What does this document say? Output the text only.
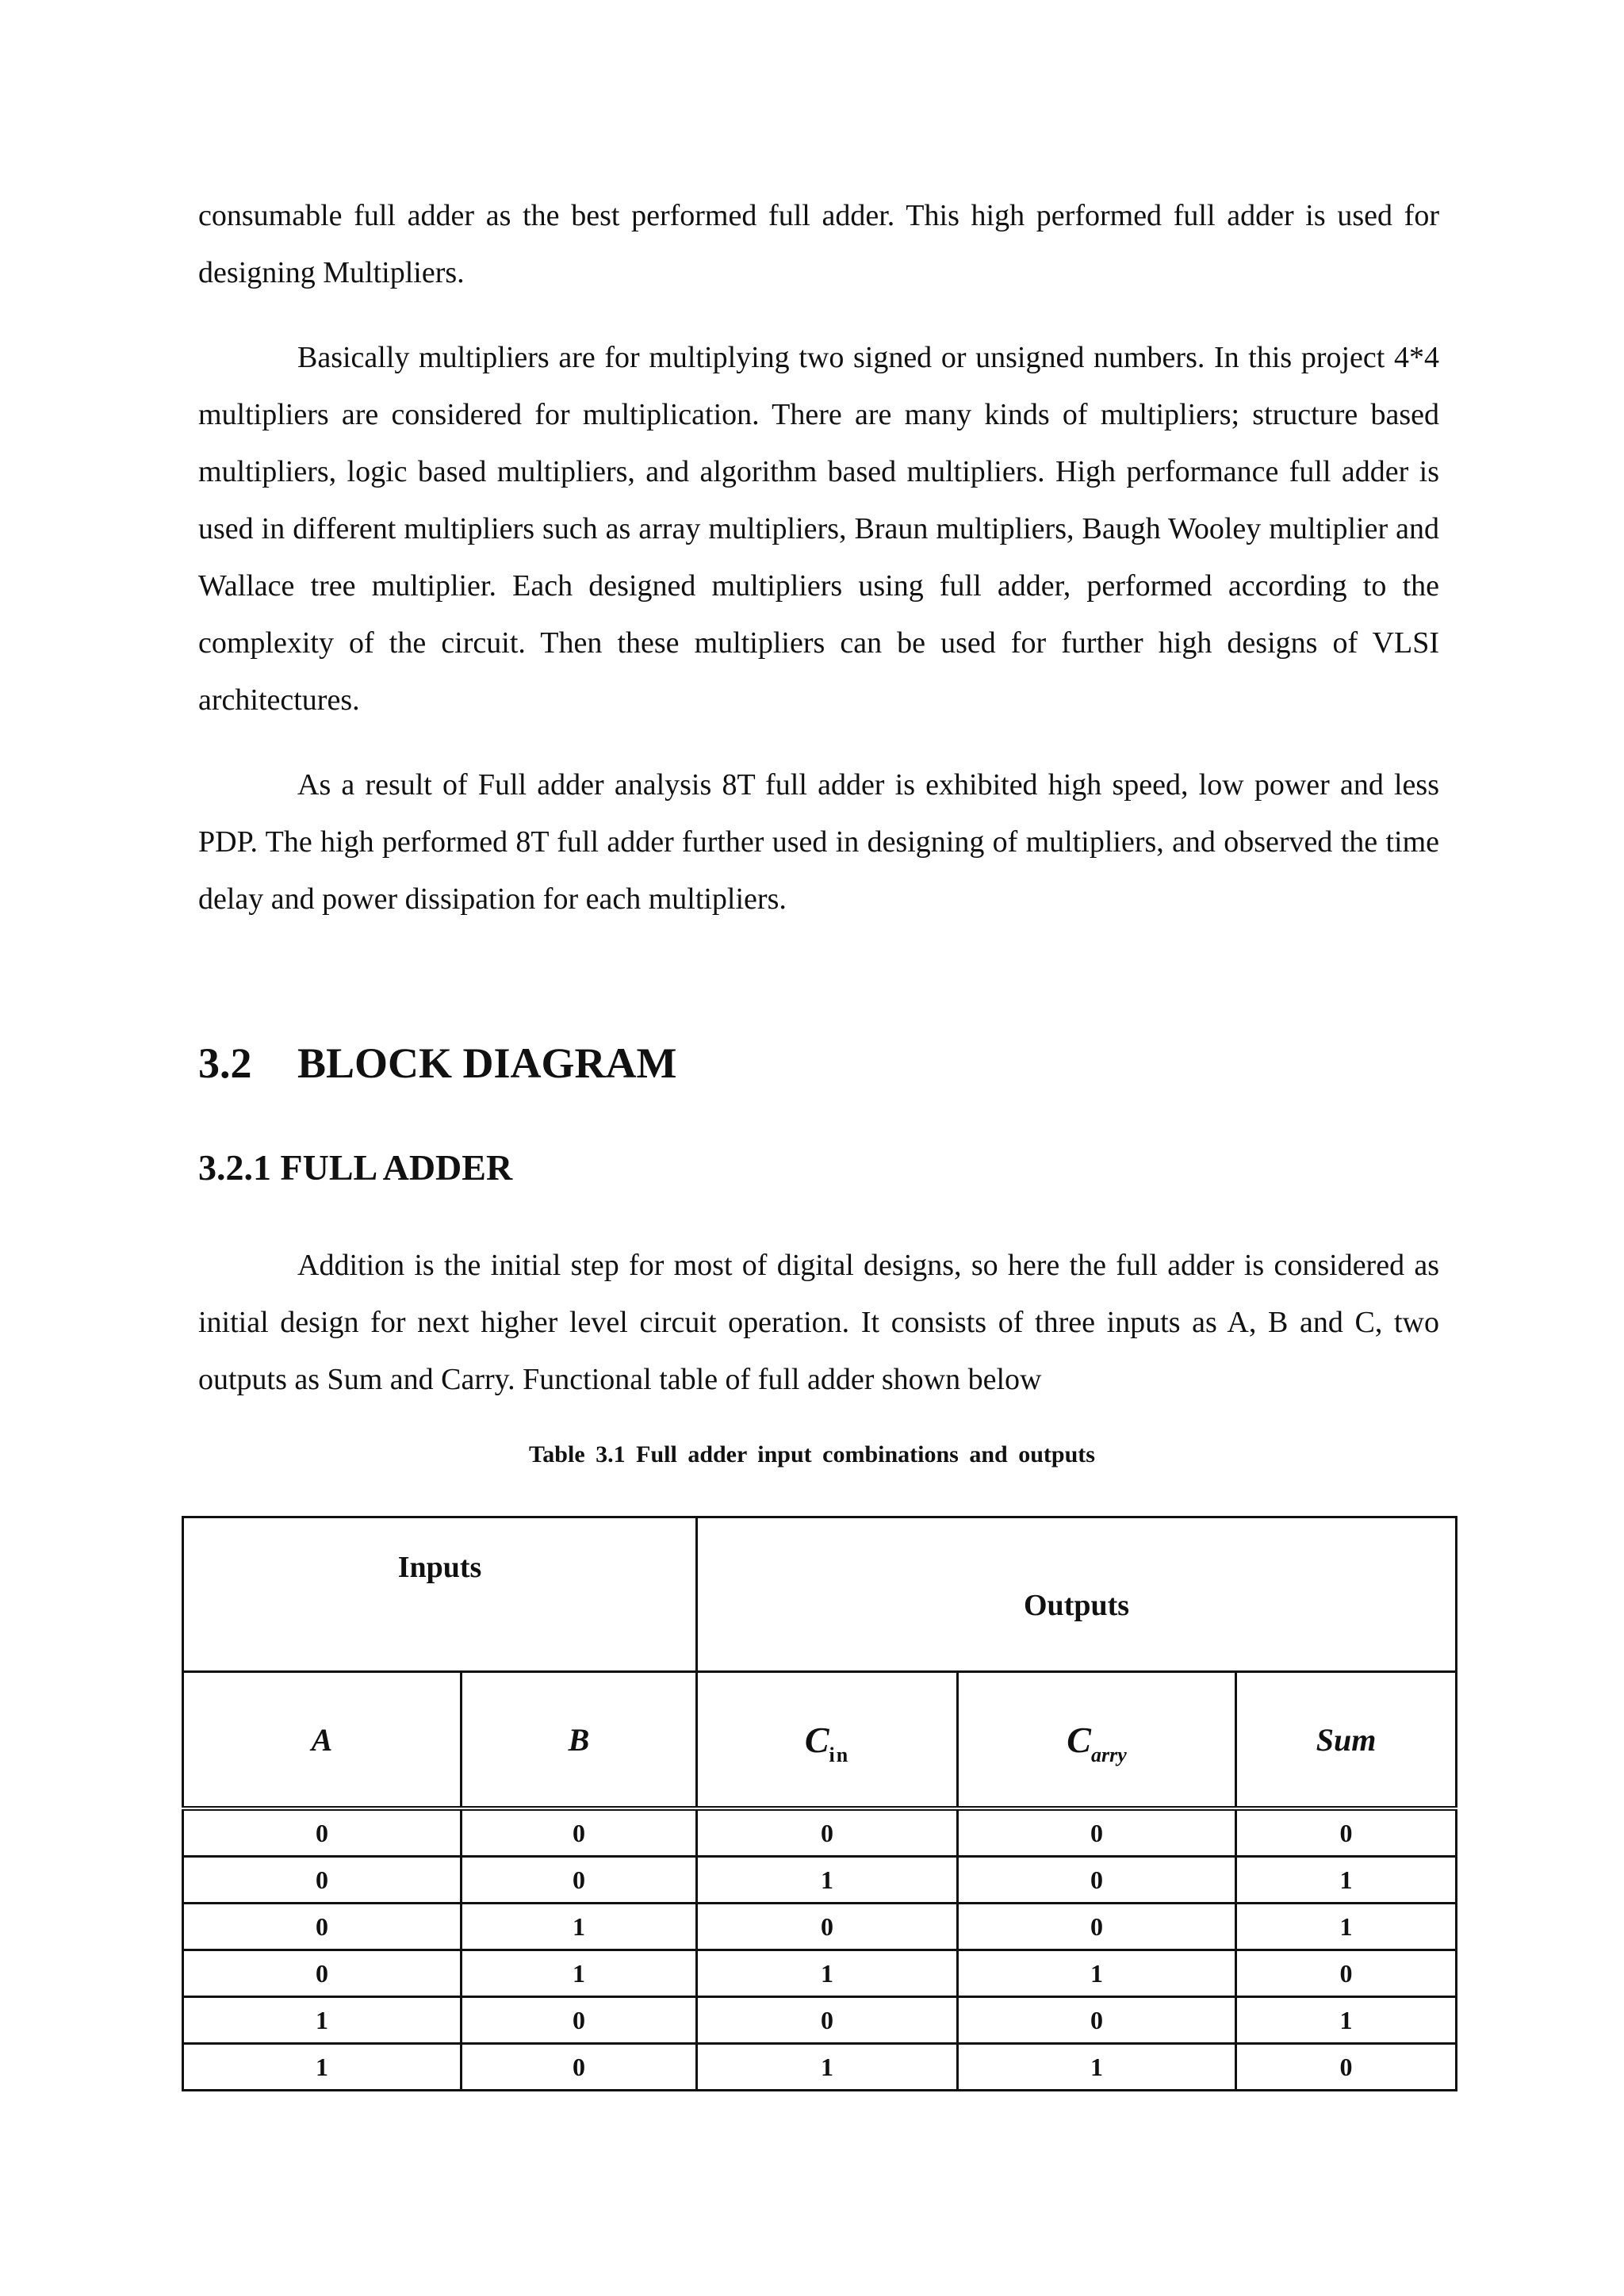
consumable full adder as the best performed full adder. This high performed full adder is used for designing Multipliers.

Basically multipliers are for multiplying two signed or unsigned numbers. In this project 4*4 multipliers are considered for multiplication. There are many kinds of multipliers; structure based multipliers, logic based multipliers, and algorithm based multipliers. High performance full adder is used in different multipliers such as array multipliers, Braun multipliers, Baugh Wooley multiplier and Wallace tree multiplier. Each designed multipliers using full adder, performed according to the complexity of the circuit. Then these multipliers can be used for further high designs of VLSI architectures.

As a result of Full adder analysis 8T full adder is exhibited high speed, low power and less PDP. The high performed 8T full adder further used in designing of multipliers, and observed the time delay and power dissipation for each multipliers.

3.2 BLOCK DIAGRAM
3.2.1 FULL ADDER

Addition is the initial step for most of digital designs, so here the full adder is considered as initial design for next higher level circuit operation. It consists of three inputs as A, B and C, two outputs as Sum and Carry. Functional table of full adder shown below

Table 3.1 Full adder input combinations and outputs

Inputs		Outputs		
A	B	$C_{in}$	$C_{arry}$	Sum
0	0	0	0	0
0	0	1	0	1
0	1	0	0	1
0	1	1	1	0
1	0	0	0	1
1	0	1	1	0
